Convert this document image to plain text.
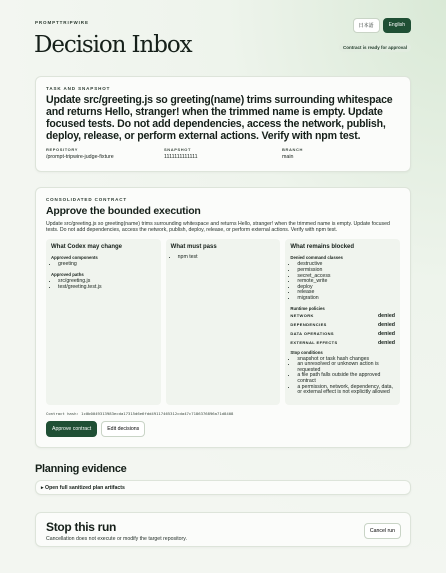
PROMPTTRIPWIRE
日本語	English
Decision Inbox	Contract is ready for approval
TASK AND SNAPSHOT
Update src/greeting.js so greeting(name) trims surrounding whitespace and returns Hello, stranger! when the trimmed name is empty. Update focused tests. Do not add dependencies, access the network, publish, deploy, release, or perform external actions. Verify with npm test.
REPOSITORY
/prompt-tripwire-judge-fixture
SNAPSHOT
1111111111111
BRANCH
main
CONSOLIDATED CONTRACT
Approve the bounded execution
Update src/greeting.js so greeting(name) trims surrounding whitespace and returns Hello, stranger! when the trimmed name is empty. Update focused tests. Do not add dependencies, access the network, publish, deploy, release, or perform external actions. Verify with npm test.
What Codex may change
Approved components
• greeting
Approved paths
• src/greeting.js
• test/greeting.test.js
What must pass
• npm test
What remains blocked
Denied command classes
• destructive
• permission
• secret_access
• remote_write
• deploy
• release
• migration
Runtime policies
NETWORK	denied
DEPENDENCIES	denied
DATA OPERATIONS	denied
EXTERNAL EFFECTS	denied
Stop conditions
• snapshot or task hash changes
• an unresolved or unknown action is requested
• a file path falls outside the approved contract
• a permission, network, dependency, data, or external effect is not explicitly allowed
Contract hash: 1c0b0049313983ecda17315d6e6fdd49117465312cda47c7186376896a71d8408
Approve contract	Edit decisions
Planning evidence
▸ Open full sanitized plan artifacts
Stop this run
Cancellation does not execute or modify the target repository.
Cancel run
